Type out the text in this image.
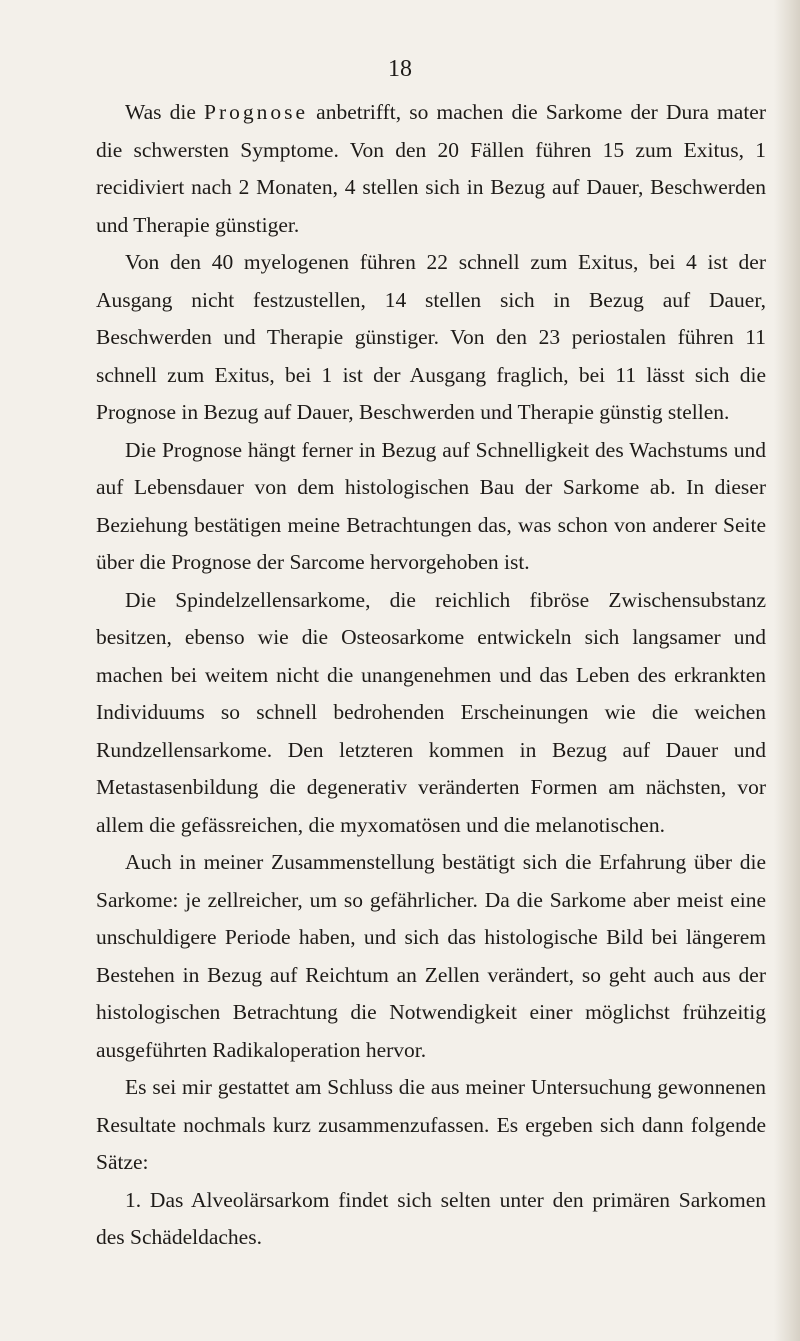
18

Was die Prognose anbetrifft, so machen die Sarkome der Dura mater die schwersten Symptome. Von den 20 Fällen führen 15 zum Exitus, 1 recidiviert nach 2 Monaten, 4 stellen sich in Bezug auf Dauer, Beschwerden und Therapie günstiger.

Von den 40 myelogenen führen 22 schnell zum Exitus, bei 4 ist der Ausgang nicht festzustellen, 14 stellen sich in Bezug auf Dauer, Beschwerden und Therapie günstiger. Von den 23 periostalen führen 11 schnell zum Exitus, bei 1 ist der Ausgang fraglich, bei 11 lässt sich die Prognose in Bezug auf Dauer, Beschwerden und Therapie günstig stellen.

Die Prognose hängt ferner in Bezug auf Schnelligkeit des Wachstums und auf Lebensdauer von dem histologischen Bau der Sarkome ab. In dieser Beziehung bestätigen meine Betrachtungen das, was schon von anderer Seite über die Prognose der Sarcome hervorgehoben ist.

Die Spindelzellensarkome, die reichlich fibröse Zwischensubstanz besitzen, ebenso wie die Osteosarkome entwickeln sich langsamer und machen bei weitem nicht die unangenehmen und das Leben des erkrankten Individuums so schnell bedrohenden Erscheinungen wie die weichen Rundzellensarkome. Den letzteren kommen in Bezug auf Dauer und Metastasenbildung die degenerativ veränderten Formen am nächsten, vor allem die gefässreichen, die myxomatösen und die melanotischen.

Auch in meiner Zusammenstellung bestätigt sich die Erfahrung über die Sarkome: je zellreicher, um so gefährlicher. Da die Sarkome aber meist eine unschuldigere Periode haben, und sich das histologische Bild bei längerem Bestehen in Bezug auf Reichtum an Zellen verändert, so geht auch aus der histologischen Betrachtung die Notwendigkeit einer möglichst frühzeitig ausgeführten Radikaloperation hervor.

Es sei mir gestattet am Schluss die aus meiner Untersuchung gewonnenen Resultate nochmals kurz zusammenzufassen. Es ergeben sich dann folgende Sätze:

1. Das Alveolärsarkom findet sich selten unter den primären Sarkomen des Schädeldaches.
